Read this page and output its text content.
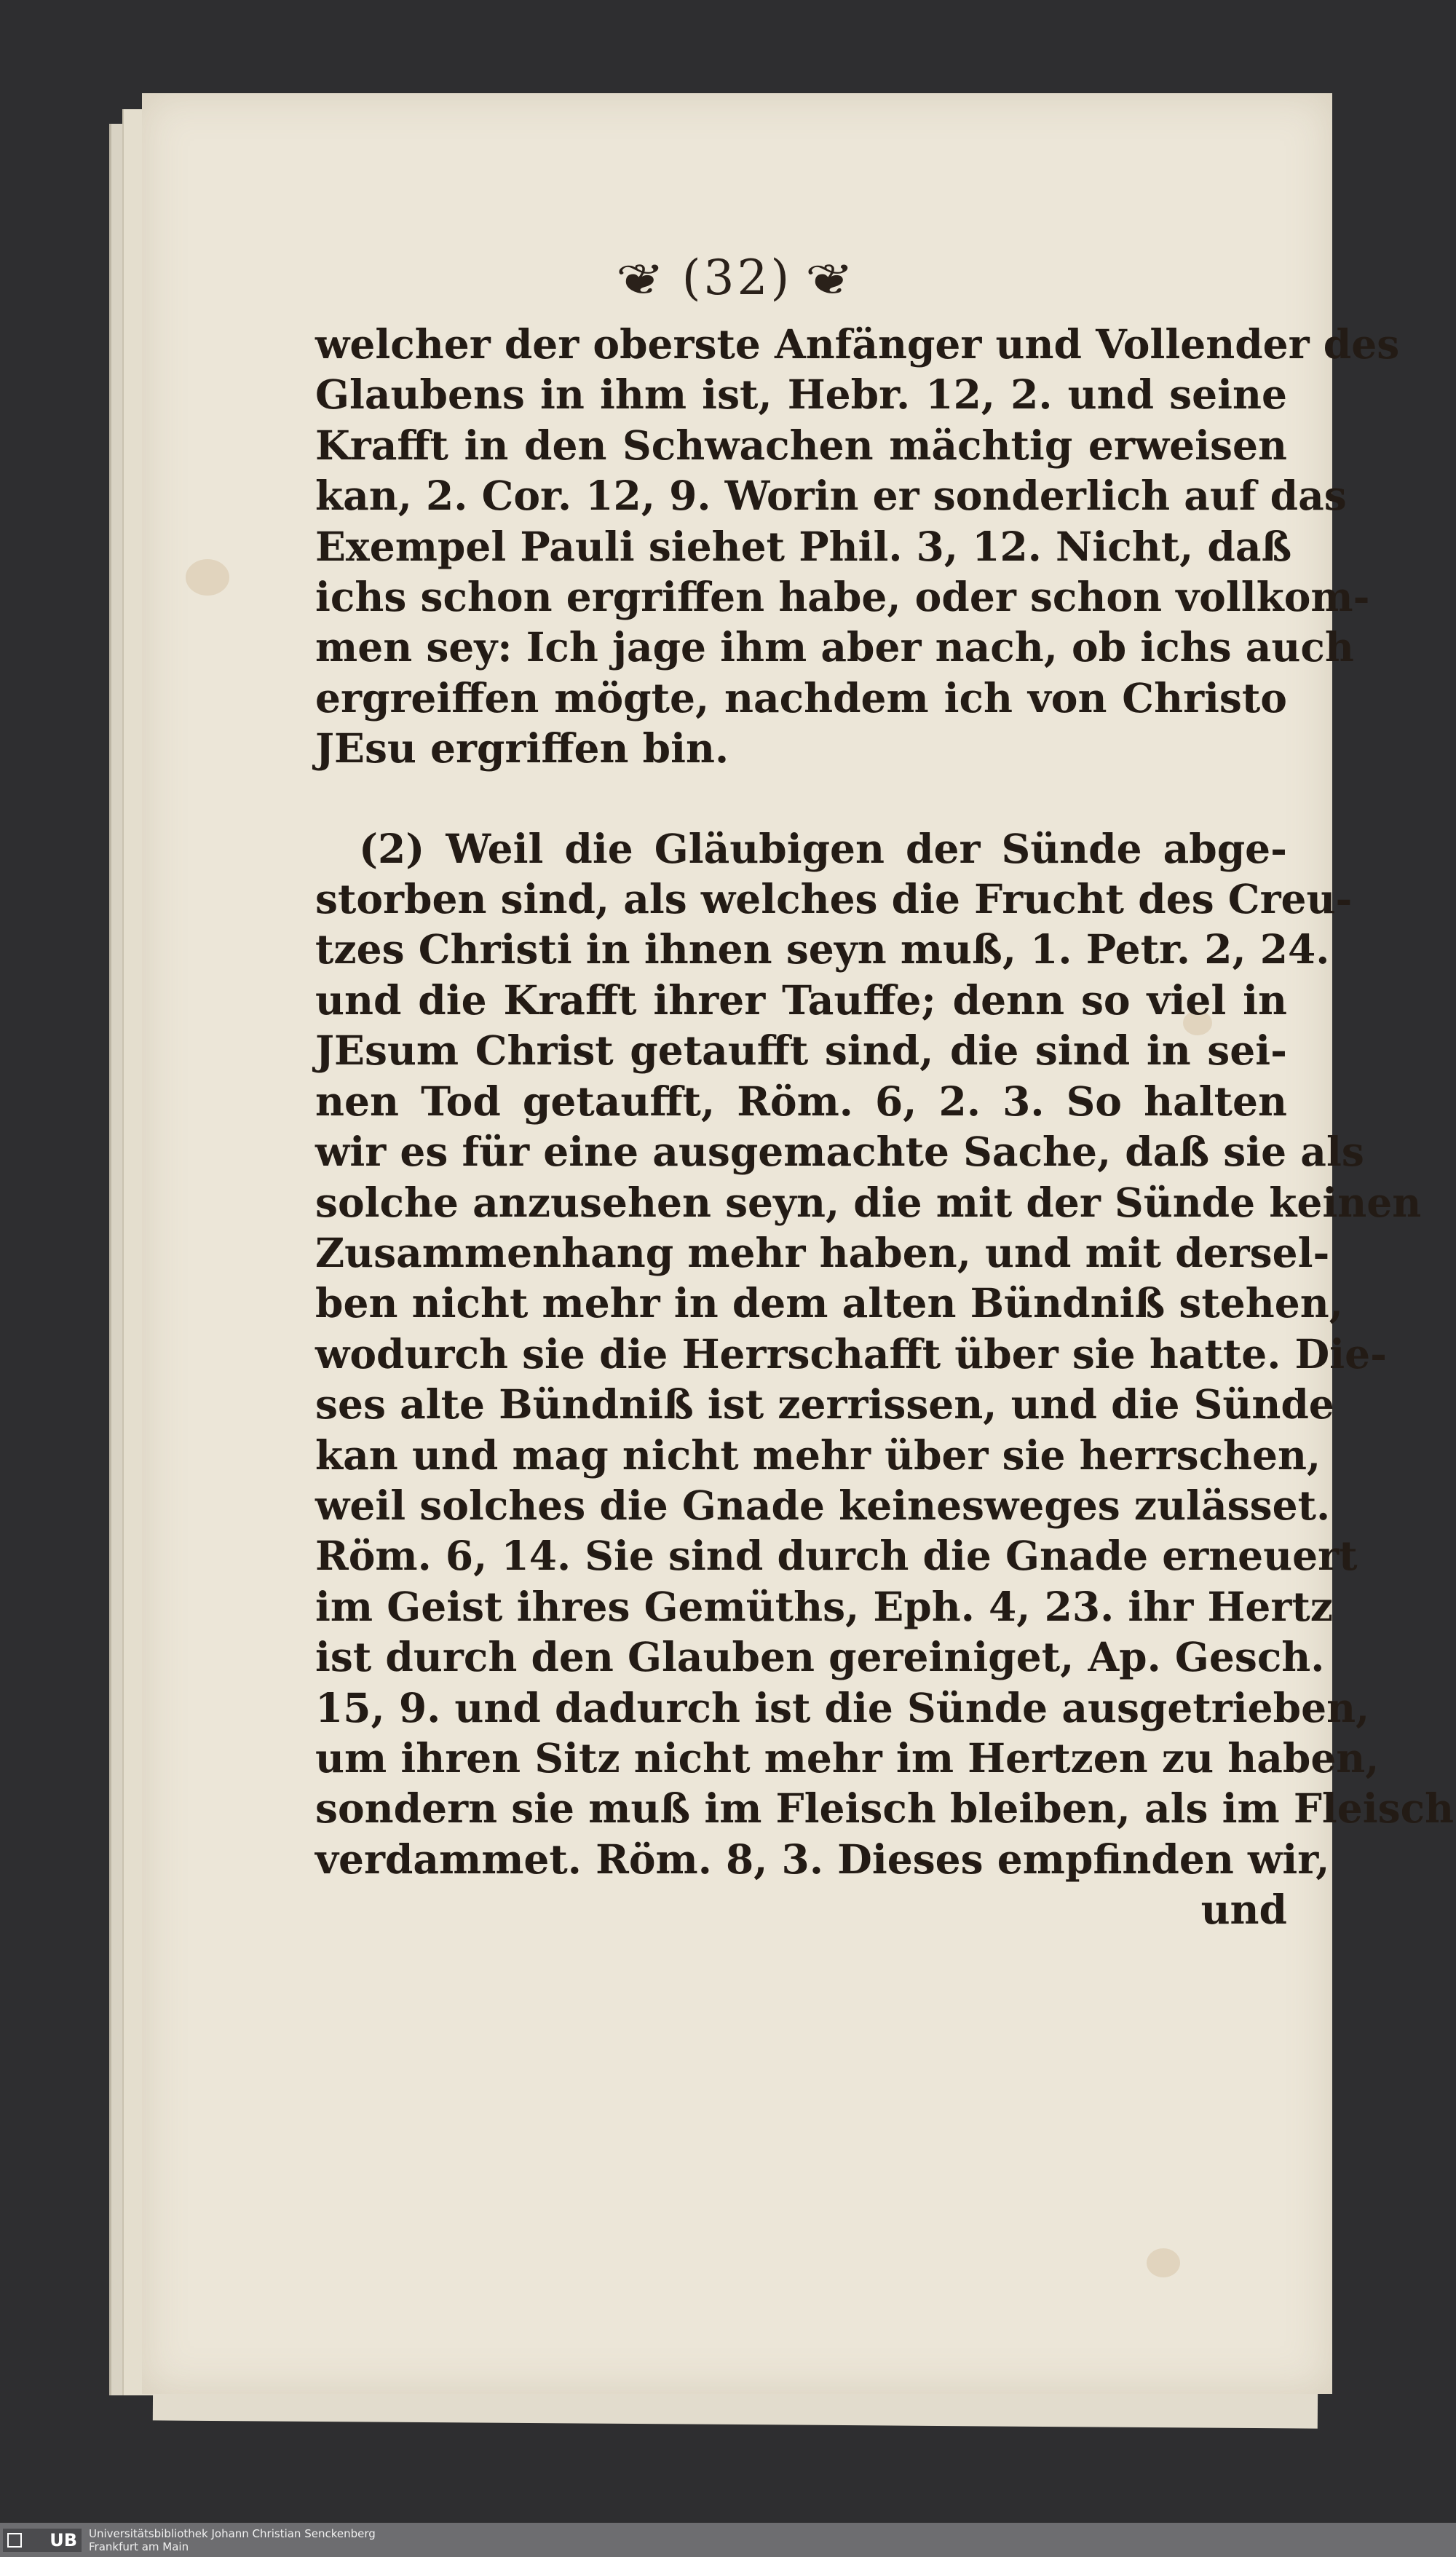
❦ (32) ❦
welcher der oberste Anfänger und Vollender des
Glaubens in ihm ist, Hebr. 12, 2. und seine
Krafft in den Schwachen mächtig erweisen
kan, 2. Cor. 12, 9. Worin er sonderlich auf das
Exempel Pauli siehet Phil. 3, 12. Nicht, daß
ichs schon ergriffen habe, oder schon vollkom-
men sey: Ich jage ihm aber nach, ob ichs auch
ergreiffen mögte, nachdem ich von Christo
JEsu ergriffen bin.
(2) Weil die Gläubigen der Sünde abge-
storben sind, als welches die Frucht des Creu-
tzes Christi in ihnen seyn muß, 1. Petr. 2, 24.
und die Krafft ihrer Tauffe; denn so viel in
JEsum Christ getaufft sind, die sind in sei-
nen Tod getaufft, Röm. 6, 2. 3. So halten
wir es für eine ausgemachte Sache, daß sie als
solche anzusehen seyn, die mit der Sünde keinen
Zusammenhang mehr haben, und mit dersel-
ben nicht mehr in dem alten Bündniß stehen,
wodurch sie die Herrschafft über sie hatte. Die-
ses alte Bündniß ist zerrissen, und die Sünde
kan und mag nicht mehr über sie herrschen,
weil solches die Gnade keinesweges zulässet.
Röm. 6, 14. Sie sind durch die Gnade erneuert
im Geist ihres Gemüths, Eph. 4, 23. ihr Hertz
ist durch den Glauben gereiniget, Ap. Gesch.
15, 9. und dadurch ist die Sünde ausgetrieben,
um ihren Sitz nicht mehr im Hertzen zu haben,
sondern sie muß im Fleisch bleiben, als im Fleisch
verdammet. Röm. 8, 3. Dieses empfinden wir,
und
UB	Universitätsbibliothek Johann Christian Senckenberg
Frankfurt am Main
